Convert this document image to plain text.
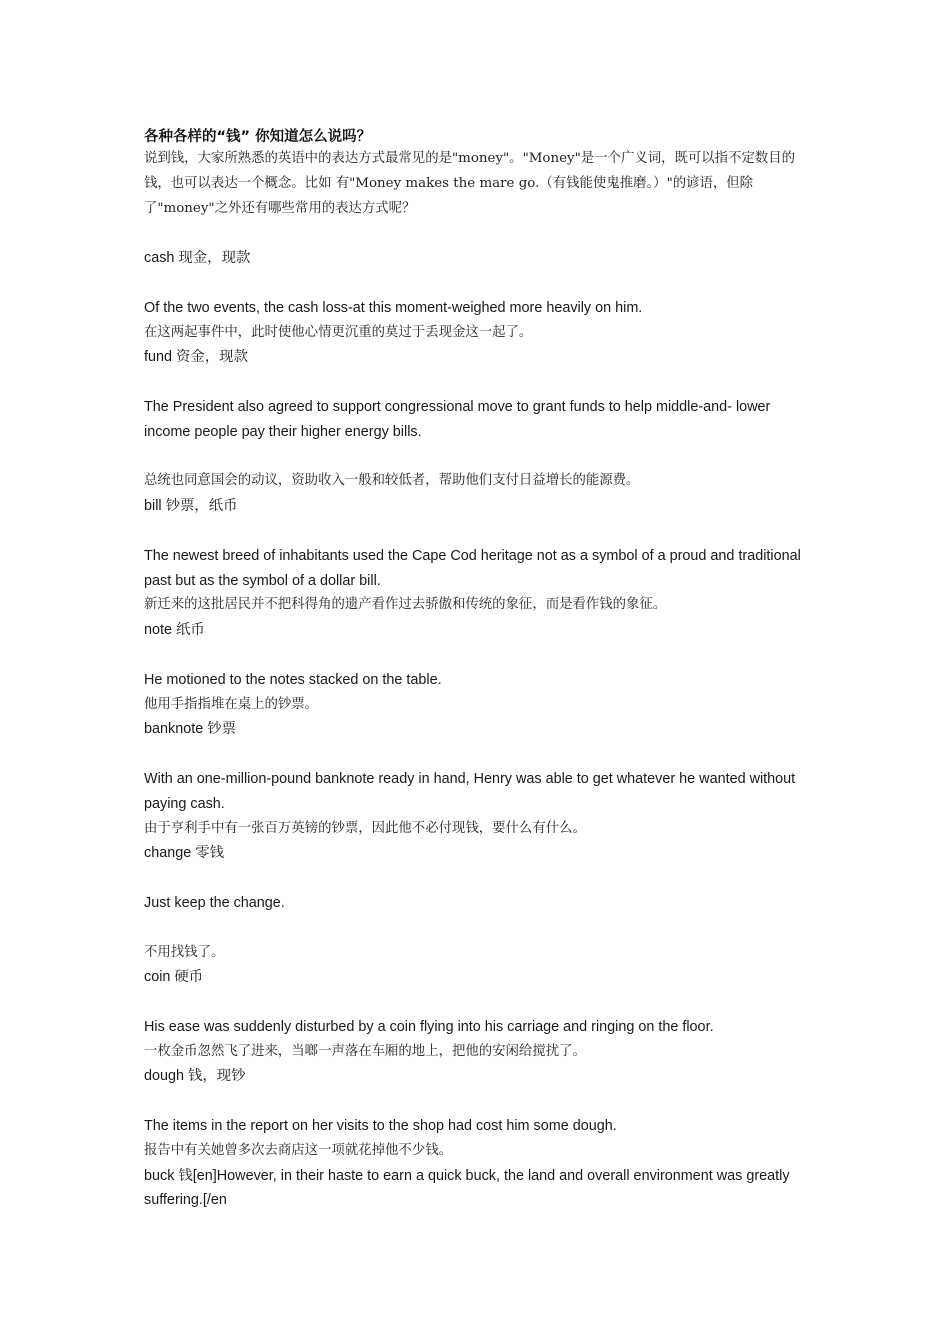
各种各样的“钱” 你知道怎么说吗？

说到钱，大家所熟悉的英语中的表达方式最常见的是"money"。"Money"是一个广义词，既可以指不定数目的钱，也可以表达一个概念。比如 有"Money makes the mare go.（有钱能使鬼推磨。）"的谚语，但除了"money"之外还有哪些常用的表达方式呢？

cash 现金，现款

Of the two events, the cash loss-at this moment-weighed more heavily on him.

在这两起事件中，此时使他心情更沉重的莫过于丢现金这一起了。

fund 资金，现款

The President also agreed to support congressional move to grant funds to help middle-and- lower income people pay their higher energy bills.

总统也同意国会的动议，资助收入一般和较低者，帮助他们支付日益增长的能源费。

bill 钞票，纸币

The newest breed of inhabitants used the Cape Cod heritage not as a symbol of a proud and traditional past but as the symbol of a dollar bill.

新迁来的这批居民并不把科得角的遗产看作过去骄傲和传统的象征，而是看作钱的象征。

note 纸币

He motioned to the notes stacked on the table.

他用手指指堆在桌上的钞票。

banknote 钞票

With an one-million-pound banknote ready in hand, Henry was able to get whatever he wanted without paying cash.

由于亨利手中有一张百万英镑的钞票，因此他不必付现钱，要什么有什么。

change 零钱

Just keep the change.

不用找钱了。

coin 硬币

His ease was suddenly disturbed by a coin flying into his carriage and ringing on the floor.

一枚金币忽然飞了进来，当啷一声落在车厢的地上，把他的安闲给搅扰了。

dough 钱，现钞

The items in the report on her visits to the shop had cost him some dough.

报告中有关她曾多次去商店这一项就花掉他不少钱。

buck 钱[en]However, in their haste to earn a quick buck, the land and overall environment was greatly suffering.[/en
